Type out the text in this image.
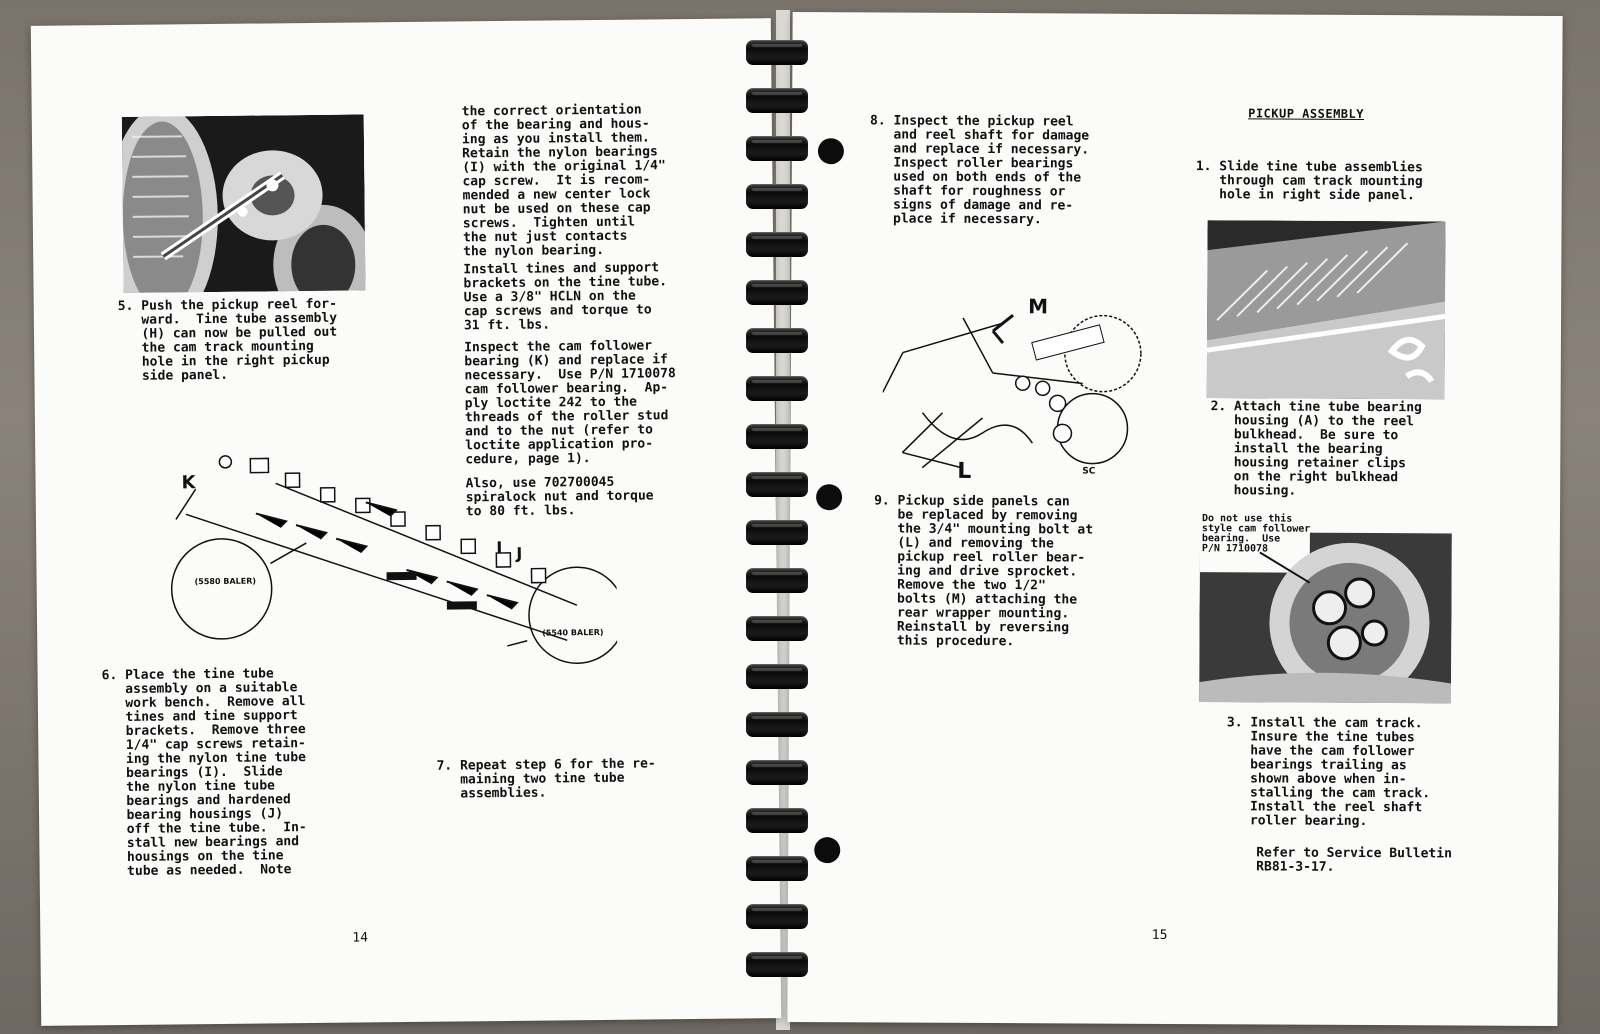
5. Push the pickup reel for-
ward.  Tine tube assembly
(H) can now be pulled out
the cam track mounting
hole in the right pickup
side panel.

the correct orientation
of the bearing and hous-
ing as you install them.
Retain the nylon bearings
(I) with the original 1/4"
cap screw.  It is recom-
mended a new center lock
nut be used on these cap
screws.  Tighten until
the nut just contacts
the nylon bearing.

Install tines and support
brackets on the tine tube.
Use a 3/8" HCLN on the
cap screws and torque to
31 ft. lbs.

Inspect the cam follower
bearing (K) and replace if
necessary.  Use P/N 1710078
cam follower bearing.  Ap-
ply loctite 242 to the
threads of the roller stud
and to the nut (refer to
loctite application pro-
cedure, page 1).

Also, use 702700045
spiralock nut and torque
to 80 ft. lbs.

K
I J
(5580 BALER)
(5540 BALER)

6. Place the tine tube
assembly on a suitable
work bench.  Remove all
tines and tine support
brackets.  Remove three
1/4" cap screws retain-
ing the nylon tine tube
bearings (I).  Slide
the nylon tine tube
bearings and hardened
bearing housings (J)
off the tine tube.  In-
stall new bearings and
housings on the tine
tube as needed.  Note

7. Repeat step 6 for the re-
maining two tine tube
assemblies.

14
PICKUP ASSEMBLY

8. Inspect the pickup reel
and reel shaft for damage
and replace if necessary.
Inspect roller bearings
used on both ends of the
shaft for roughness or
signs of damage and re-
place if necessary.

M
L	SC

9. Pickup side panels can
be replaced by removing
the 3/4" mounting bolt at
(L) and removing the
pickup reel roller bear-
ing and drive sprocket.
Remove the two 1/2"
bolts (M) attaching the
rear wrapper mounting.
Reinstall by reversing
this procedure.

1. Slide tine tube assemblies
through cam track mounting
hole in right side panel.

2. Attach tine tube bearing
housing (A) to the reel
bulkhead.  Be sure to
install the bearing
housing retainer clips
on the right bulkhead
housing.

Do not use this
style cam follower
bearing.  Use
P/N 1710078

3. Install the cam track.
Insure the tine tubes
have the cam follower
bearings trailing as
shown above when in-
stalling the cam track.
Install the reel shaft
roller bearing.

Refer to Service Bulletin
RB81-3-17.

15
